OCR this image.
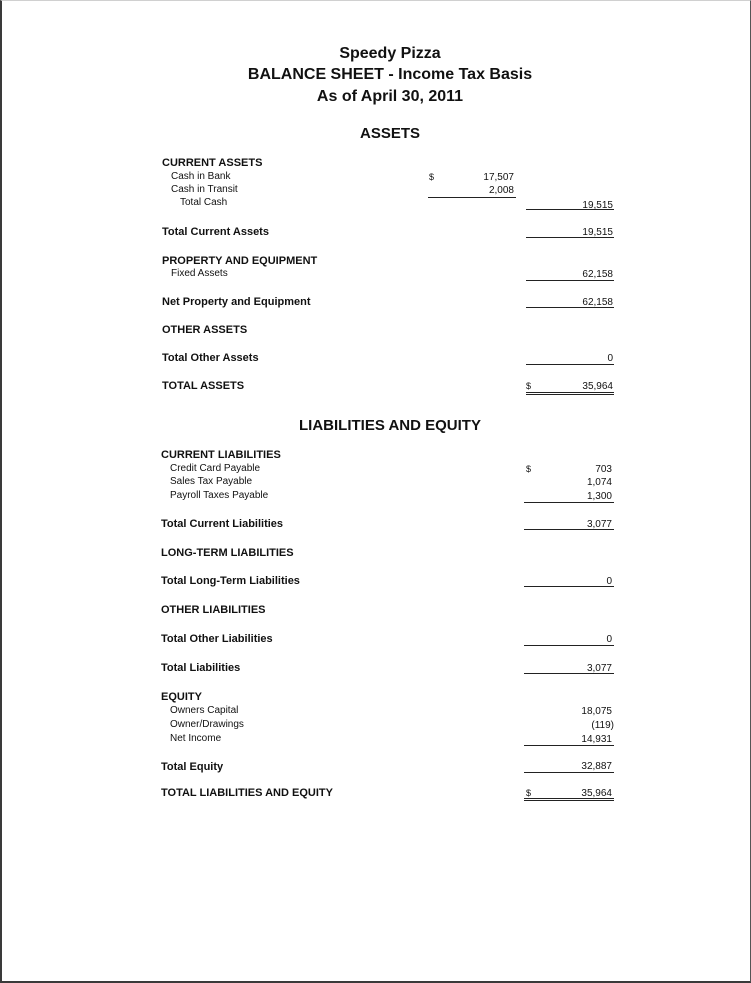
Speedy Pizza
BALANCE SHEET - Income Tax Basis
As of April 30, 2011
ASSETS
CURRENT ASSETS
Cash in Bank	$	17,507
Cash in Transit	2,008
Total Cash	19,515
Total Current Assets	19,515
PROPERTY AND EQUIPMENT
Fixed Assets	62,158
Net Property and Equipment	62,158
OTHER ASSETS
Total Other Assets	0
TOTAL ASSETS	$	35,964
LIABILITIES AND EQUITY
CURRENT LIABILITIES
Credit Card Payable	$	703
Sales Tax Payable	1,074
Payroll Taxes Payable	1,300
Total Current Liabilities	3,077
LONG-TERM LIABILITIES
Total Long-Term Liabilities	0
OTHER LIABILITIES
Total Other Liabilities	0
Total Liabilities	3,077
EQUITY
Owners Capital	18,075
Owner/Drawings	(119)
Net Income	14,931
Total Equity	32,887
TOTAL LIABILITIES AND EQUITY	$	35,964
